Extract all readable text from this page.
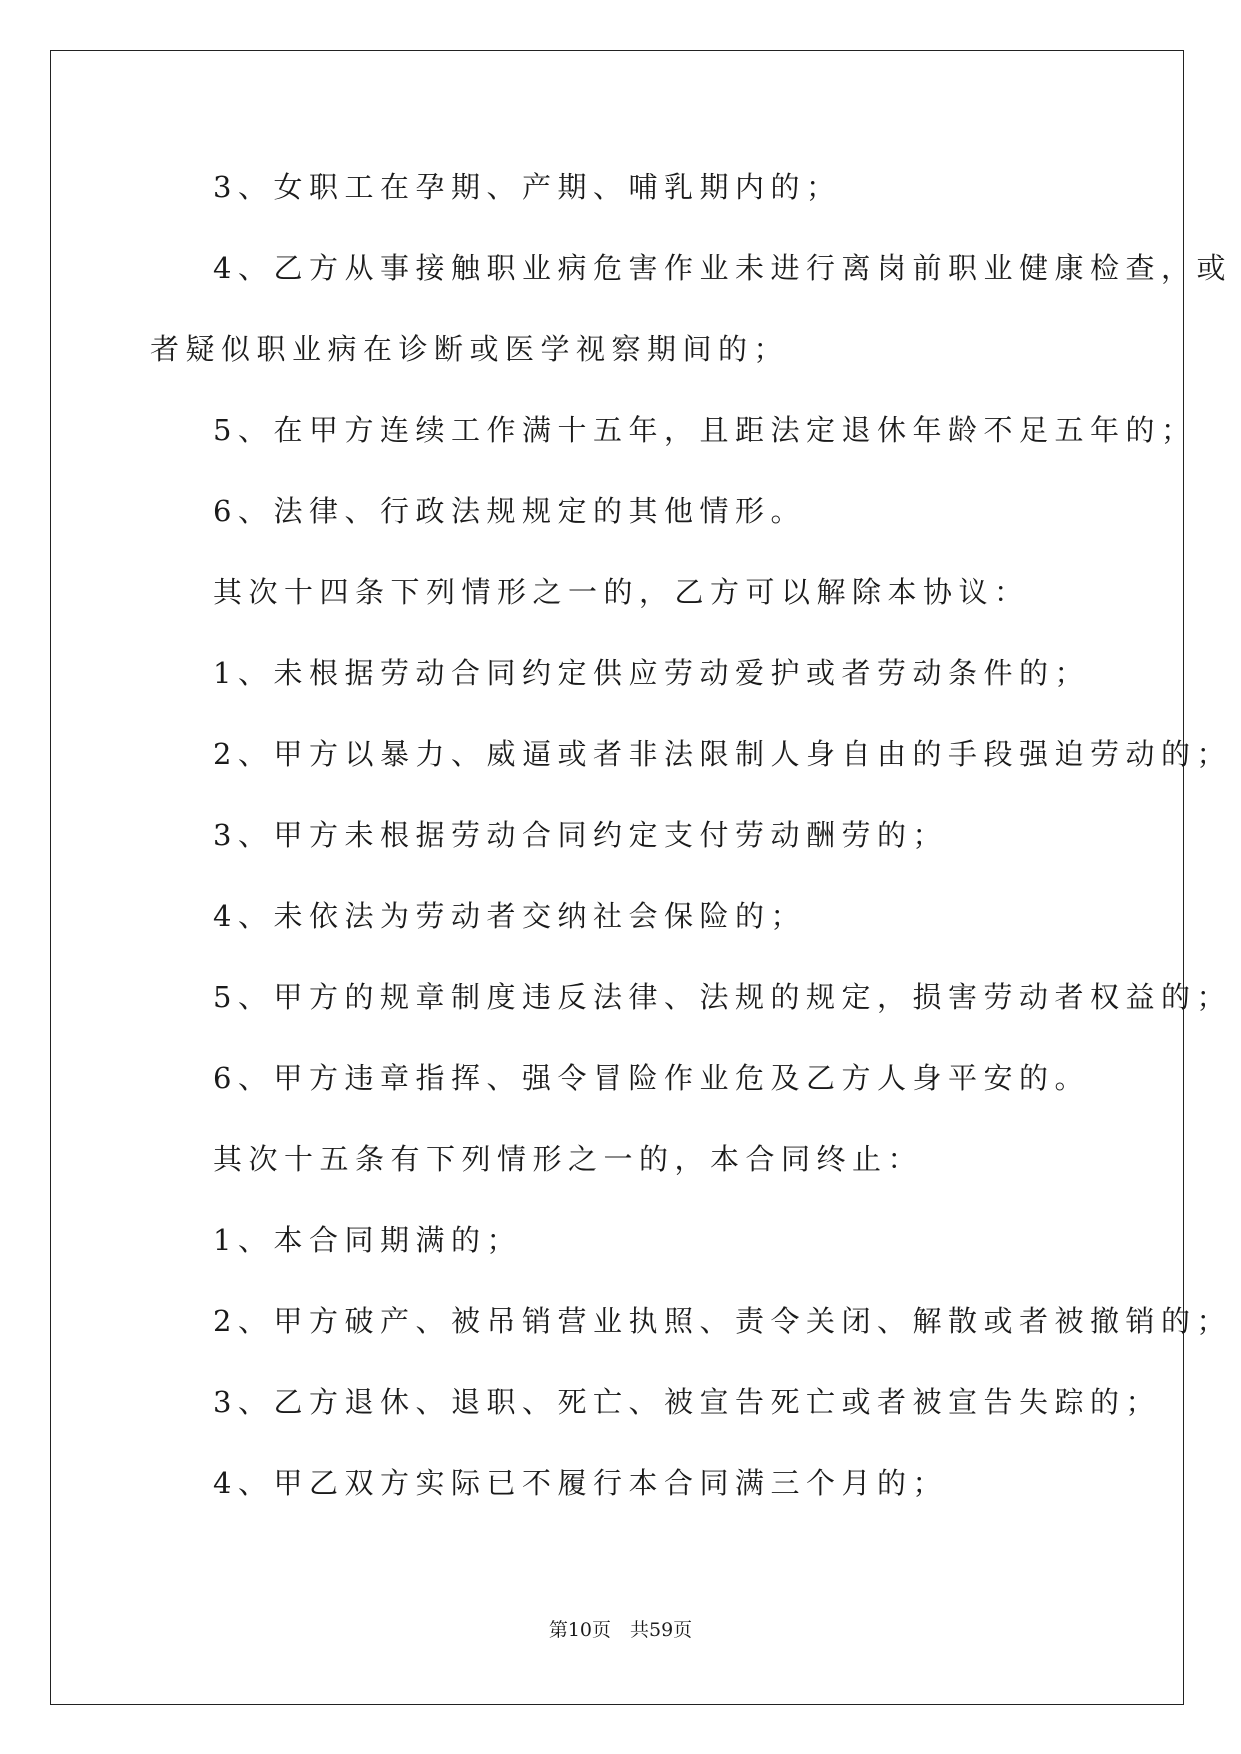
3、女职工在孕期、产期、哺乳期内的；

4、乙方从事接触职业病危害作业未进行离岗前职业健康检查，或

者疑似职业病在诊断或医学视察期间的；

5、在甲方连续工作满十五年，且距法定退休年龄不足五年的；

6、法律、行政法规规定的其他情形。

其次十四条下列情形之一的，乙方可以解除本协议：

1、未根据劳动合同约定供应劳动爱护或者劳动条件的；

2、甲方以暴力、威逼或者非法限制人身自由的手段强迫劳动的；

3、甲方未根据劳动合同约定支付劳动酬劳的；

4、未依法为劳动者交纳社会保险的；

5、甲方的规章制度违反法律、法规的规定，损害劳动者权益的；

6、甲方违章指挥、强令冒险作业危及乙方人身平安的。

其次十五条有下列情形之一的，本合同终止：

1、本合同期满的；

2、甲方破产、被吊销营业执照、责令关闭、解散或者被撤销的；

3、乙方退休、退职、死亡、被宣告死亡或者被宣告失踪的；

4、甲乙双方实际已不履行本合同满三个月的；

第10页　共59页
